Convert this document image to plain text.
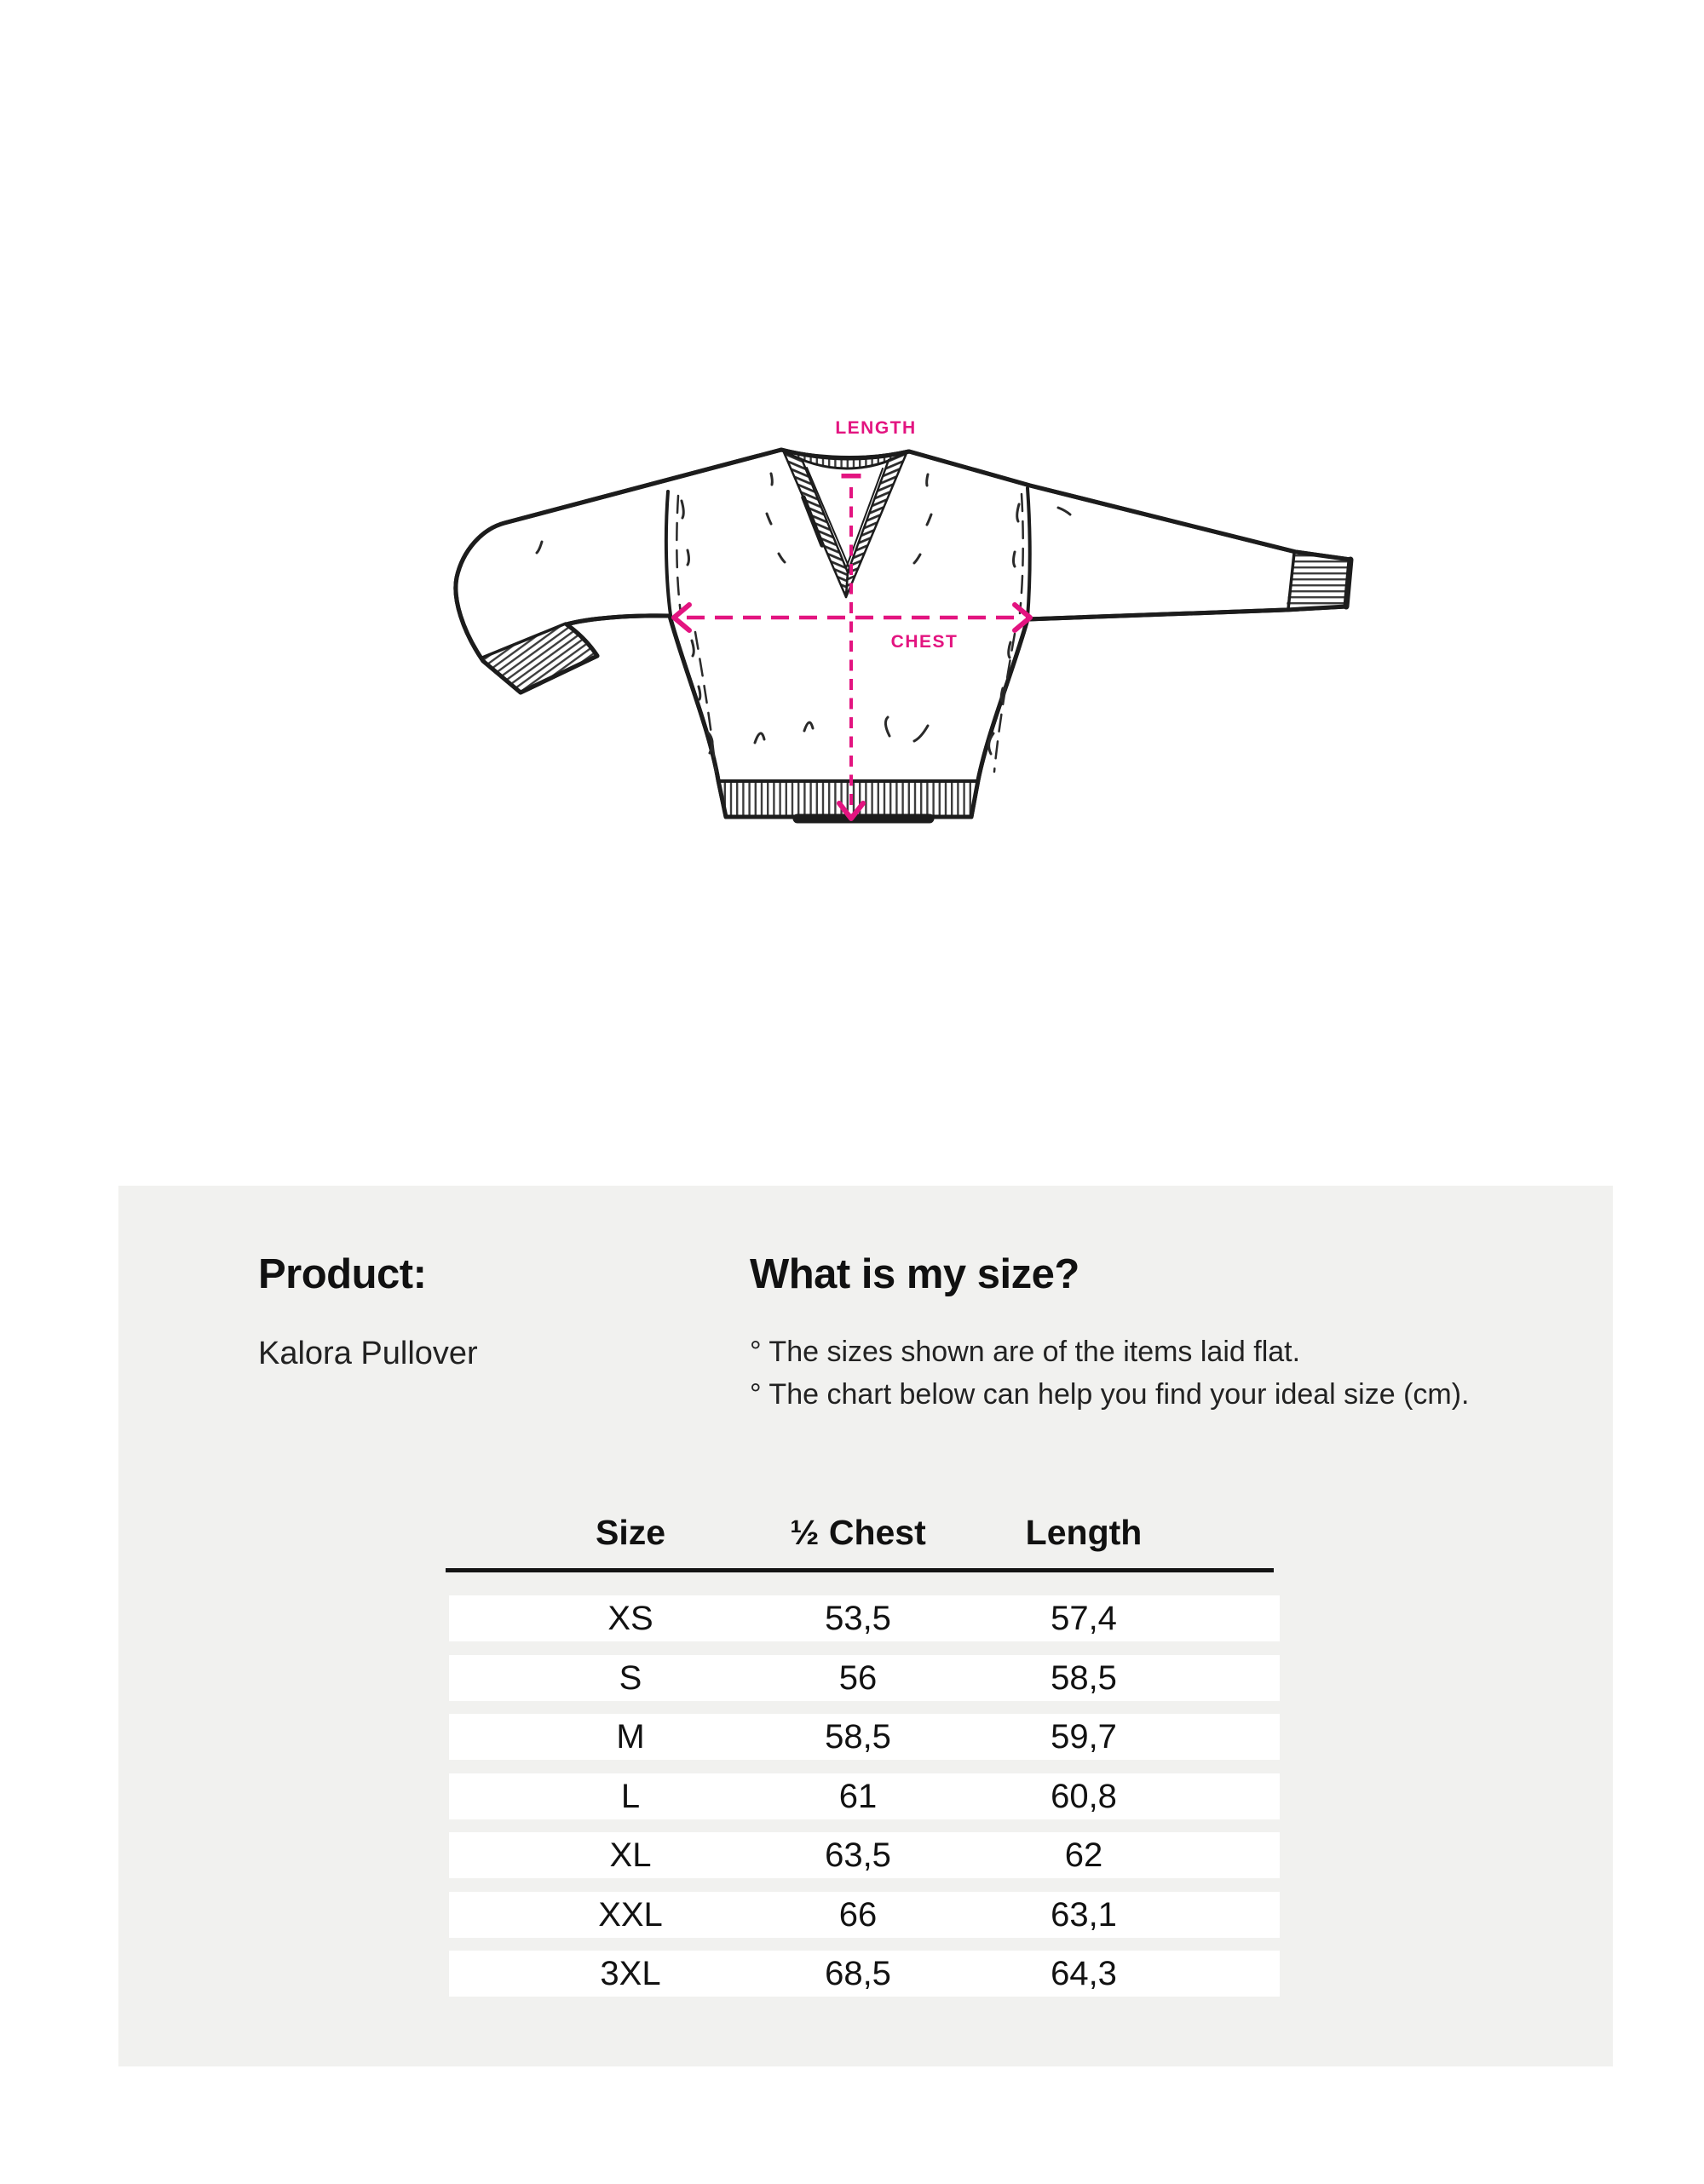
LENGTH
CHEST
Product:

Kalora Pullover

What is my size?

° The sizes shown are of the items laid flat.

° The chart below can help you find your ideal size (cm).

Size	½ Chest	Length
XS	53,5	57,4
S	56	58,5
M	58,5	59,7
L	61	60,8
XL	63,5	62
XXL	66	63,1
3XL	68,5	64,3
